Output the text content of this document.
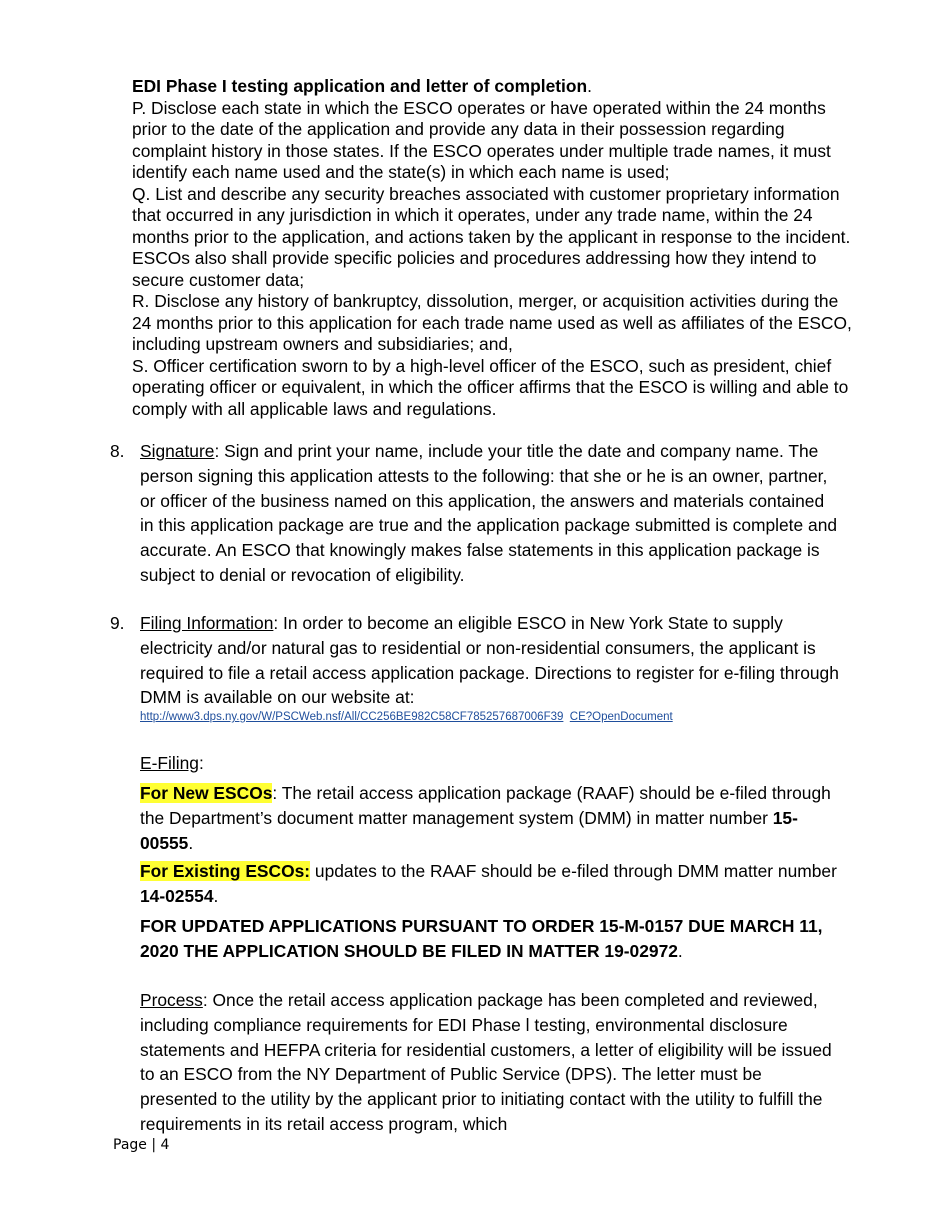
EDI Phase I testing application and letter of completion.

P. Disclose each state in which the ESCO operates or have operated within the 24 months prior to the date of the application and provide any data in their possession regarding complaint history in those states. If the ESCO operates under multiple trade names, it must identify each name used and the state(s) in which each name is used;

Q. List and describe any security breaches associated with customer proprietary information that occurred in any jurisdiction in which it operates, under any trade name, within the 24 months prior to the application, and actions taken by the applicant in response to the incident. ESCOs also shall provide specific policies and procedures addressing how they intend to secure customer data;

R. Disclose any history of bankruptcy, dissolution, merger, or acquisition activities during the 24 months prior to this application for each trade name used as well as affiliates of the ESCO, including upstream owners and subsidiaries; and,

S. Officer certification sworn to by a high-level officer of the ESCO, such as president, chief operating officer or equivalent, in which the officer affirms that the ESCO is willing and able to comply with all applicable laws and regulations.

8. Signature: Sign and print your name, include your title the date and company name. The person signing this application attests to the following: that she or he is an owner, partner, or officer of the business named on this application, the answers and materials contained in this application package are true and the application package submitted is complete and accurate. An ESCO that knowingly makes false statements in this application package is subject to denial or revocation of eligibility.
9. Filing Information: In order to become an eligible ESCO in New York State to supply electricity and/or natural gas to residential or non-residential consumers, the applicant is required to file a retail access application package. Directions to register for e-filing through DMM is available on our website at:
http://www3.dps.ny.gov/W/PSCWeb.nsf/All/CC256BE982C58CF785257687006F39 CE?OpenDocument
E-Filing:
For New ESCOs: The retail access application package (RAAF) should be e-filed through the Department’s document matter management system (DMM) in matter number 15-00555.
For Existing ESCOs: updates to the RAAF should be e-filed through DMM matter number 14-02554.
FOR UPDATED APPLICATIONS PURSUANT TO ORDER 15-M-0157 DUE MARCH 11, 2020 THE APPLICATION SHOULD BE FILED IN MATTER 19-02972.
Process: Once the retail access application package has been completed and reviewed, including compliance requirements for EDI Phase l testing, environmental disclosure statements and HEFPA criteria for residential customers, a letter of eligibility will be issued to an ESCO from the NY Department of Public Service (DPS). The letter must be presented to the utility by the applicant prior to initiating contact with the utility to fulfill the requirements in its retail access program, which
Page | 4
